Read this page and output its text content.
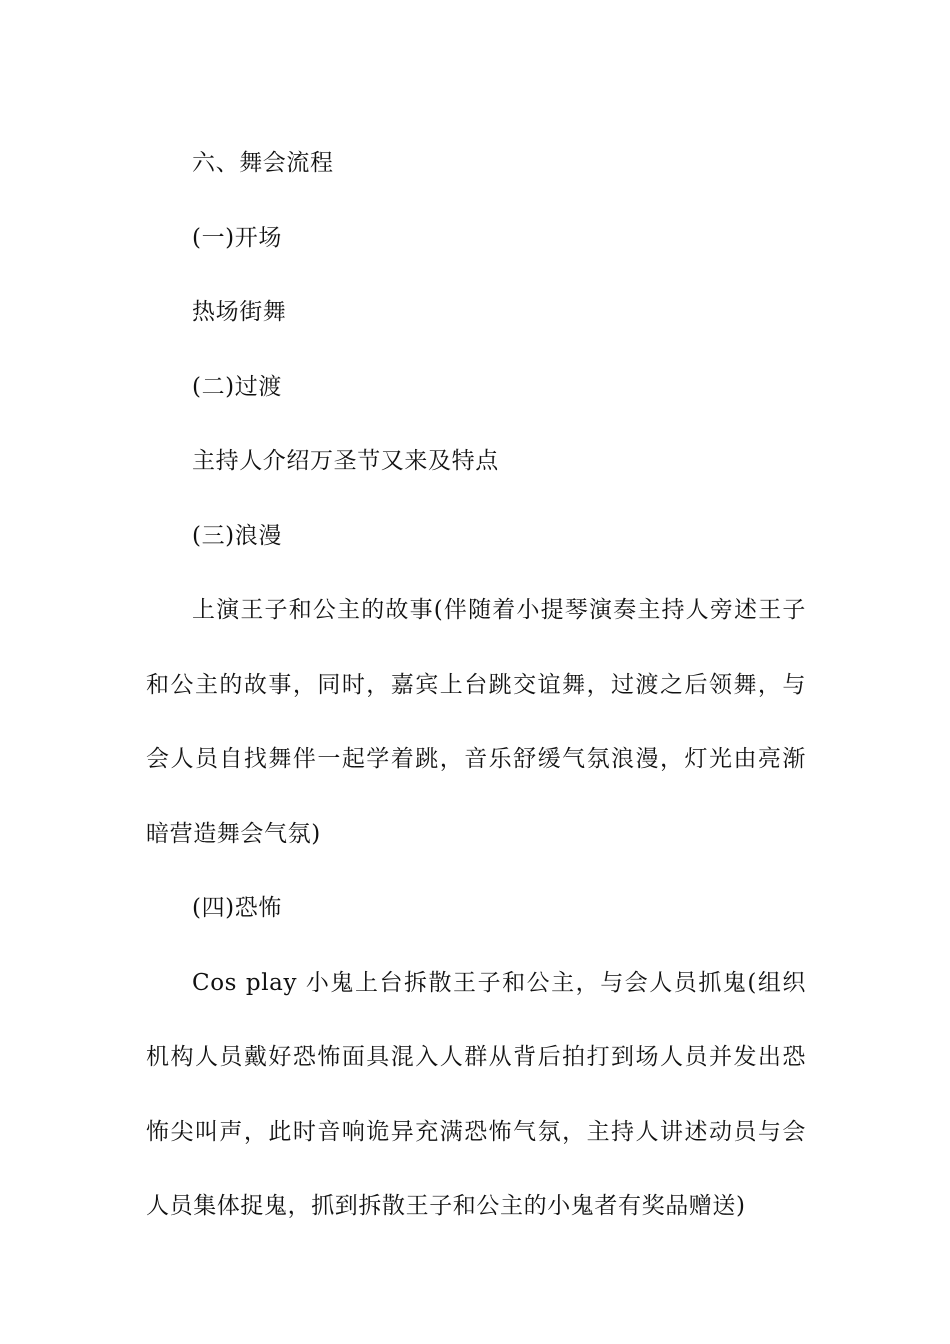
六、舞会流程

(一)开场

热场街舞

(二)过渡

主持人介绍万圣节又来及特点

(三)浪漫

上演王子和公主的故事(伴随着小提琴演奏主持人旁述王子和公主的故事，同时，嘉宾上台跳交谊舞，过渡之后领舞，与会人员自找舞伴一起学着跳，音乐舒缓气氛浪漫，灯光由亮渐暗营造舞会气氛)

(四)恐怖

Cos play 小鬼上台拆散王子和公主，与会人员抓鬼(组织机构人员戴好恐怖面具混入人群从背后拍打到场人员并发出恐怖尖叫声，此时音响诡异充满恐怖气氛，主持人讲述动员与会人员集体捉鬼，抓到拆散王子和公主的小鬼者有奖品赠送)
